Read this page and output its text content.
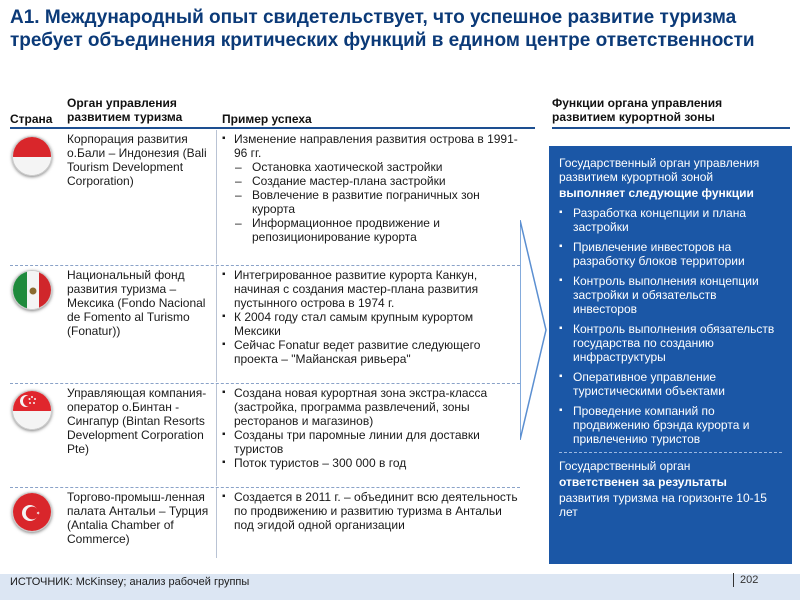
А1. Международный опыт свидетельствует, что успешное развитие туризма требует объединения критических функций в едином центре ответственности
Страна
Орган управления развитием туризма	Пример успеха
Функции органа управления развитием курортной зоны
Корпорация развития о.Бали – Индонезия (Bali Tourism Development Corporation)
▪ Изменение направления развития острова в 1991-96 гг.
– Остановка хаотической застройки
– Создание мастер-плана застройки
– Вовлечение в развитие пограничных зон курорта
– Информационное продвижение и репозиционирование курорта
Национальный фонд развития туризма – Мексика (Fondo Nacional de Fomento al Turismo (Fonatur))
▪ Интегрированное развитие курорта Канкун, начиная с создания мастер-плана развития пустынного острова в 1974 г.
▪ К 2004 году стал самым крупным курортом Мексики
▪ Сейчас Fonatur ведет развитие следующего проекта – "Майанская ривьера"
Управляющая компания-оператор о.Бинтан - Сингапур (Bintan Resorts Development Corporation Pte)
▪ Создана новая курортная зона экстра-класса (застройка, программа развлечений, зоны ресторанов и магазинов)
▪ Созданы три паромные линии для доставки туристов
▪ Поток туристов – 300 000 в год
Торгово-промыш-ленная палата Антальи – Турция (Antalia Chamber of Commerce)
▪ Создается в 2011 г. – объединит всю деятельность по продвижению и развитию туризма в Антальи под эгидой одной организации
Государственный орган управления развитием курортной зоной
выполняет следующие функции
▪ Разработка концепции и плана застройки
▪ Привлечение инвесторов на разработку блоков территории
▪ Контроль выполнения концепции застройки и обязательств инвесторов
▪ Контроль выполнения обязательств государства по созданию инфраструктуры
▪ Оперативное управление туристическими объектами
▪ Проведение компаний по продвижению брэнда курорта и привлечению туристов
Государственный орган
ответственен за результаты
развития туризма на горизонте 10-15 лет
ИСТОЧНИК: McKinsey; анализ рабочей группы	202
